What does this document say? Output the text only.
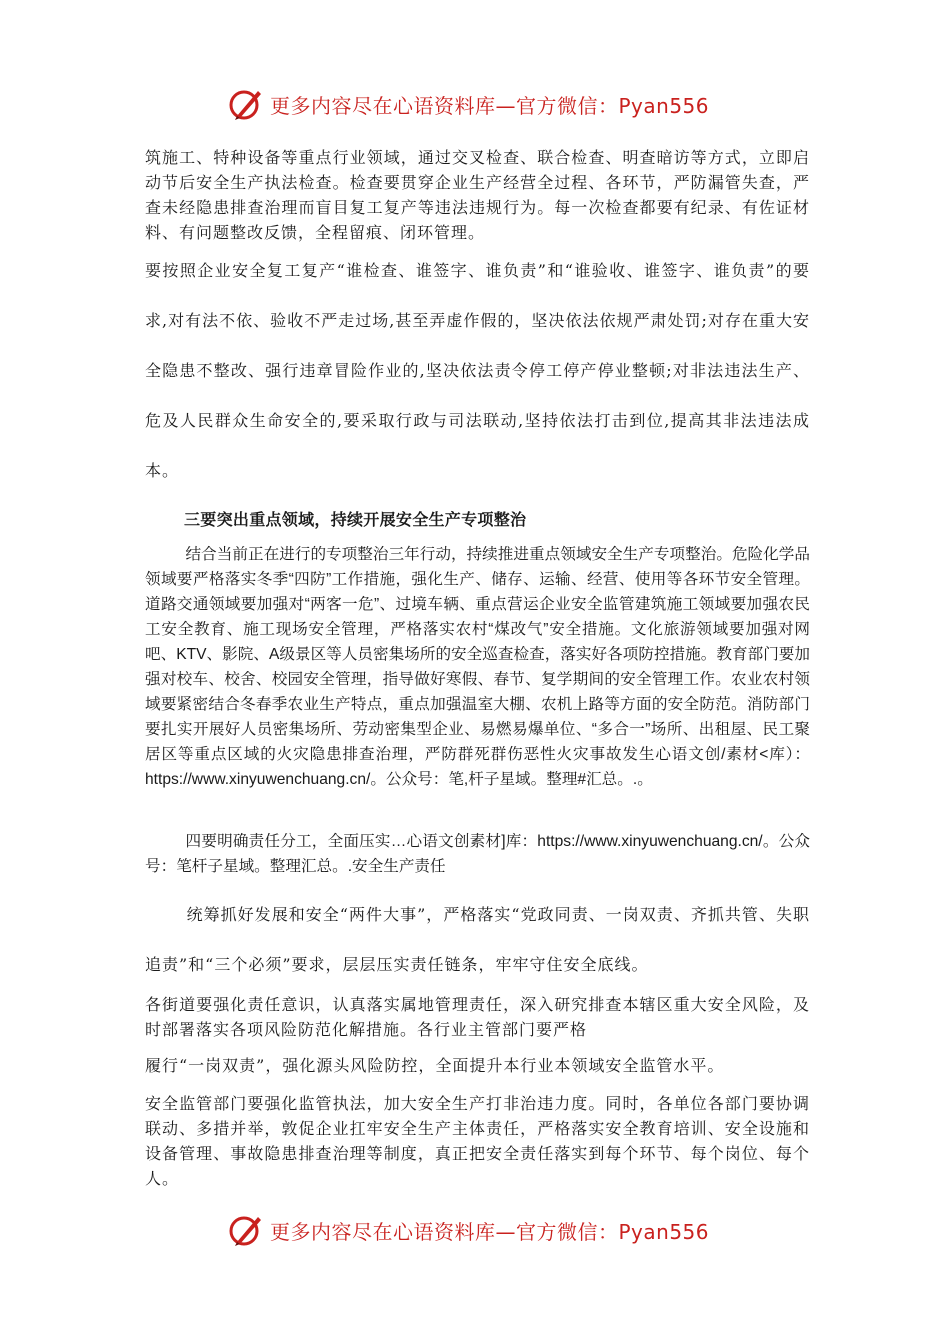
更多内容尽在心语资料库—官方微信：Pyan556

筑施工、特种设备等重点行业领域，通过交叉检查、联合检查、明查暗访等方式，立即启动节后安全生产执法检查。检查要贯穿企业生产经营全过程、各环节，严防漏管失查，严查未经隐患排查治理而盲目复工复产等违法违规行为。每一次检查都要有纪录、有佐证材料、有问题整改反馈，全程留痕、闭环管理。

要按照企业安全复工复产“谁检查、谁签字、谁负责”和“谁验收、谁签字、谁负责”的要求,对有法不依、验收不严走过场,甚至弄虚作假的，坚决依法依规严肃处罚;对存在重大安全隐患不整改、强行违章冒险作业的,坚决依法责令停工停产停业整顿;对非法违法生产、危及人民群众生命安全的,要采取行政与司法联动,坚持依法打击到位,提高其非法违法成本。

三要突出重点领域，持续开展安全生产专项整治

结合当前正在进行的专项整治三年行动，持续推进重点领域安全生产专项整治。危险化学品领域要严格落实冬季“四防”工作措施，强化生产、储存、运输、经营、使用等各环节安全管理。道路交通领域要加强对“两客一危”、过境车辆、重点营运企业安全监管建筑施工领域要加强农民工安全教育、施工现场安全管理，严格落实农村“煤改气”安全措施。文化旅游领域要加强对网吧、KTV、影院、A级景区等人员密集场所的安全巡查检查，落实好各项防控措施。教育部门要加强对校车、校舍、校园安全管理，指导做好寒假、春节、复学期间的安全管理工作。农业农村领域要紧密结合冬春季农业生产特点，重点加强温室大棚、农机上路等方面的安全防范。消防部门要扎实开展好人员密集场所、劳动密集型企业、易燃易爆单位、“多合一”场所、出租屋、民工聚居区等重点区域的火灾隐患排查治理，严防群死群伤恶性火灾事故发生心语文创/素材<库）：https://www.xinyuwenchuang.cn/。公众号：笔,杆子星域。整理#汇总。.。

四要明确责任分工，全面压实…心语文创素材]库：https://www.xinyuwenchuang.cn/。公众号：笔杆子星域。整理汇总。.安全生产责任

统筹抓好发展和安全“两件大事”，严格落实“党政同责、一岗双责、齐抓共管、失职追责”和“三个必须”要求，层层压实责任链条，牢牢守住安全底线。

各街道要强化责任意识，认真落实属地管理责任，深入研究排查本辖区重大安全风险，及时部署落实各项风险防范化解措施。各行业主管部门要严格

履行“一岗双责”，强化源头风险防控，全面提升本行业本领域安全监管水平。

安全监管部门要强化监管执法，加大安全生产打非治违力度。同时，各单位各部门要协调联动、多措并举，敦促企业扛牢安全生产主体责任，严格落实安全教育培训、安全设施和设备管理、事故隐患排查治理等制度，真正把安全责任落实到每个环节、每个岗位、每个人。

更多内容尽在心语资料库—官方微信：Pyan556
